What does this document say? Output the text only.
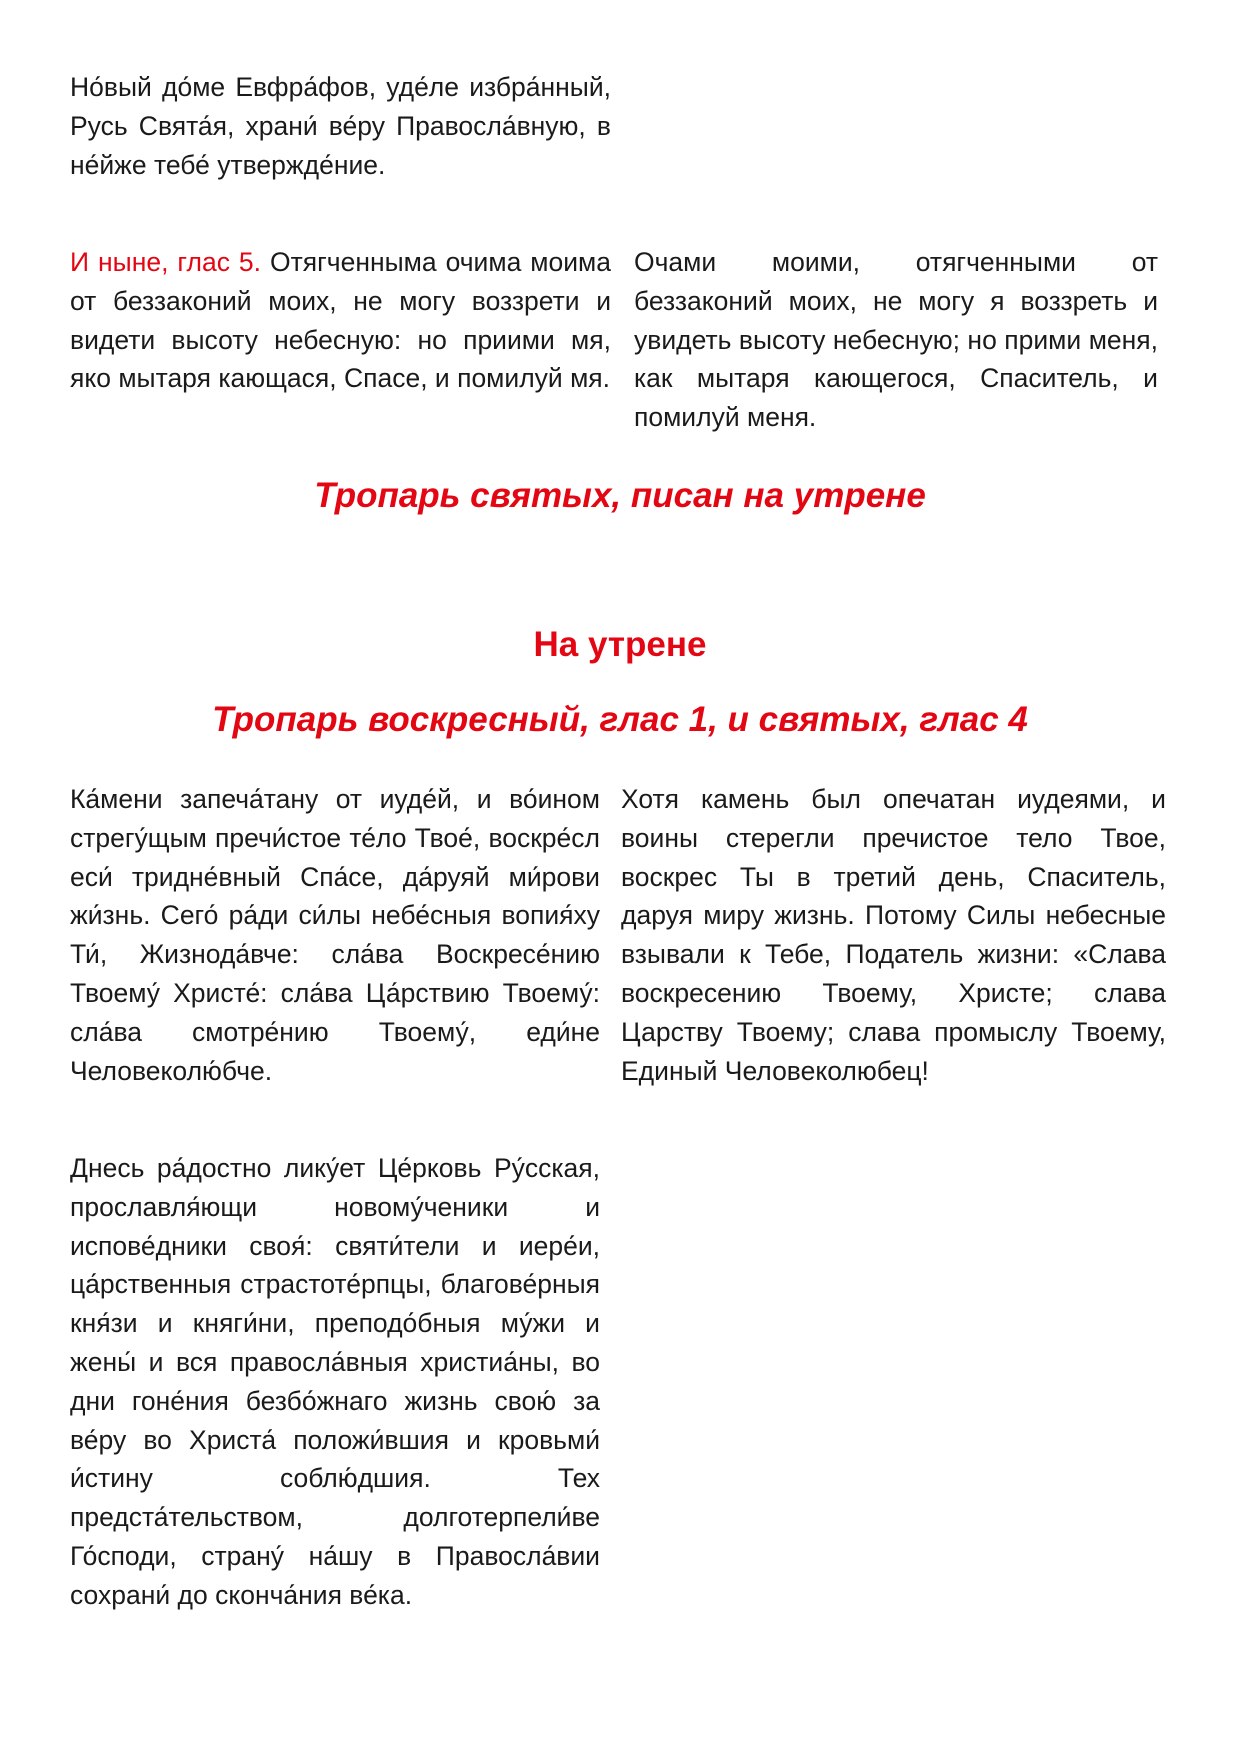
Но́вый до́ме Евфра́фов, уде́ле избра́нный, Русь Свята́я, храни́ ве́ру Правосла́вную, в не́йже тебе́ утвержде́ние.

И ныне, глас 5. Отягченныма очима моима от беззаконий моих, не могу воззрети и видети высоту небесную: но приими мя, яко мытаря кающася, Спасе, и помилуй мя.

Очами моими, отягченными от беззаконий моих, не могу я воззреть и увидеть высоту небесную; но прими меня, как мытаря кающегося, Спаситель, и помилуй меня.

Тропарь святых, писан на утрене
На утрене
Тропарь воскресный, глас 1, и святых, глас 4

Ка́мени запеча́тану от иуде́й, и во́ином стрегу́щым пречи́стое те́ло Твое́, воскре́сл еси́ тридне́вный Спа́се, да́руяй ми́рови жи́знь. Сего́ ра́ди си́лы небе́сныя вопия́ху Ти́, Жизнода́вче: сла́ва Воскресе́нию Твоему́ Христе́: сла́ва Ца́рствию Твоему́: сла́ва смотре́нию Твоему́, еди́не Человеколю́бче.

Хотя камень был опечатан иудеями, и воины стерегли пречистое тело Твое, воскрес Ты в третий день, Спаситель, даруя миру жизнь. Потому Силы небесные взывали к Тебе, Податель жизни: «Слава воскресению Твоему, Христе; слава Царству Твоему; слава промыслу Твоему, Единый Человеколюбец!

Днесь ра́достно лику́ет Це́рковь Ру́сская, прославля́ющи новому́ченики и испове́дники своя́: святи́тели и иере́и, ца́рственныя страстоте́рпцы, благове́рныя кня́зи и княги́ни, преподо́бныя му́жи и жены́ и вся правосла́вныя христиа́ны, во дни гоне́ния безбо́жнаго жизнь свою́ за ве́ру во Христа́ положи́вшия и кровьми́ и́стину соблю́дшия. Тех предста́тельством, долготерпели́ве Го́споди, страну́ на́шу в Правосла́вии сохрани́ до сконча́ния ве́ка.
